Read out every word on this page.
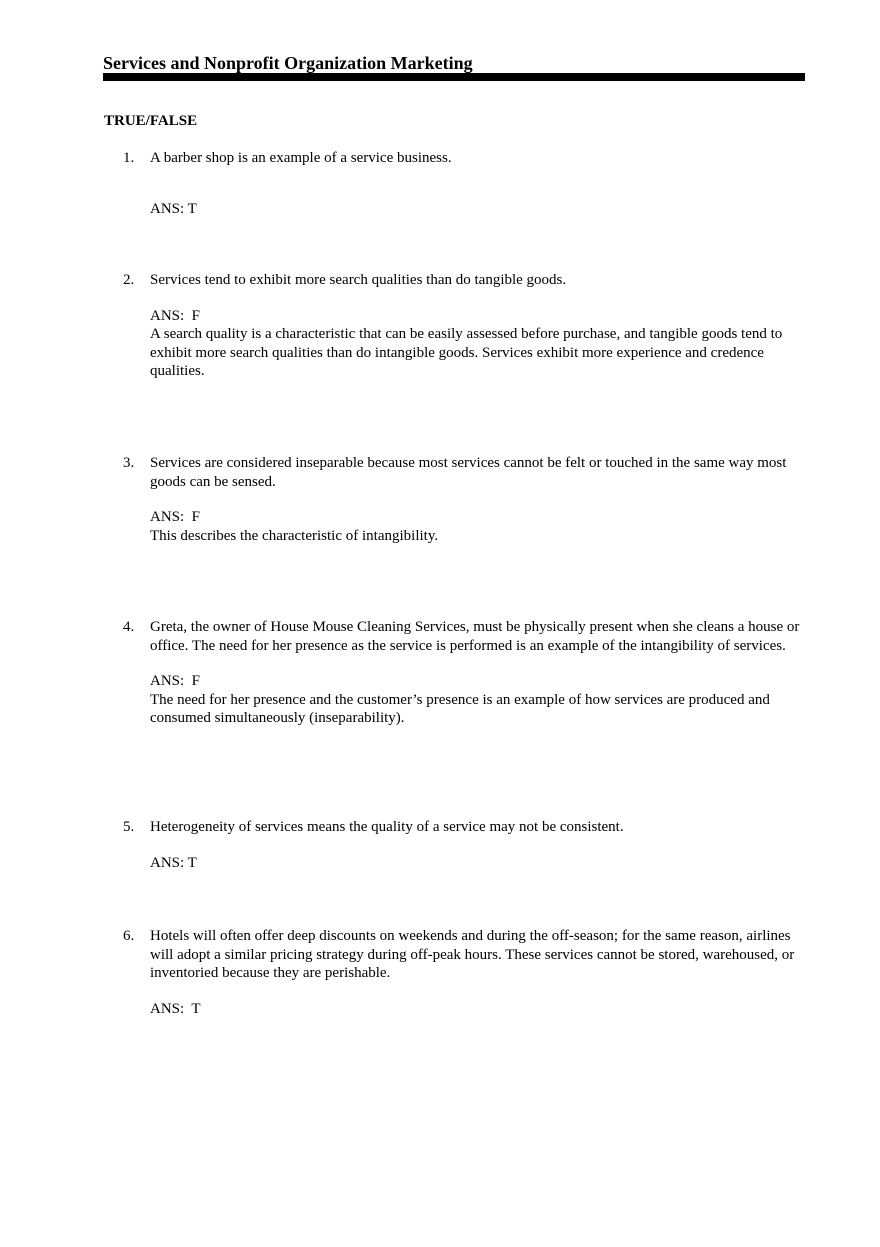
Services and Nonprofit Organization Marketing
TRUE/FALSE
1. A barber shop is an example of a service business.
ANS: T
2. Services tend to exhibit more search qualities than do tangible goods.
ANS:  F
A search quality is a characteristic that can be easily assessed before purchase, and tangible goods tend to exhibit more search qualities than do intangible goods. Services exhibit more experience and credence qualities.
3. Services are considered inseparable because most services cannot be felt or touched in the same way most goods can be sensed.
ANS:  F
This describes the characteristic of intangibility.
4. Greta, the owner of House Mouse Cleaning Services, must be physically present when she cleans a house or office. The need for her presence as the service is performed is an example of the intangibility of services.
ANS:  F
The need for her presence and the customer’s presence is an example of how services are produced and consumed simultaneously (inseparability).
5. Heterogeneity of services means the quality of a service may not be consistent.
ANS: T
6. Hotels will often offer deep discounts on weekends and during the off-season; for the same reason, airlines will adopt a similar pricing strategy during off-peak hours. These services cannot be stored, warehoused, or inventoried because they are perishable.
ANS:  T
